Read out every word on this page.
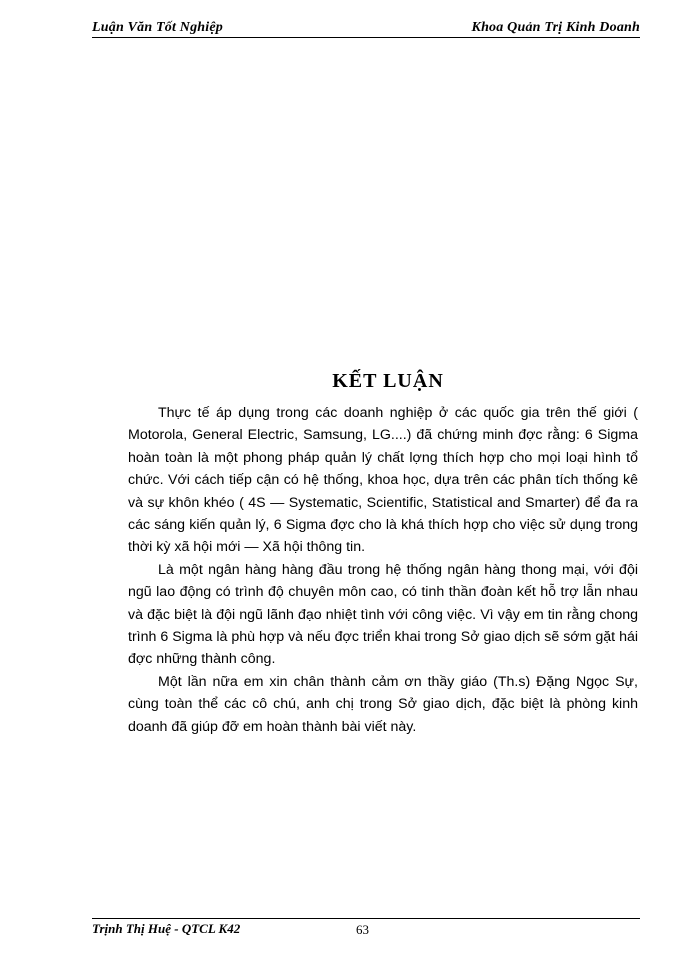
Luận Văn Tốt Nghiệp	Khoa Quản Trị Kinh Doanh
KẾT LUẬN

Thực tế áp dụng trong các doanh nghiệp ở các quốc gia trên thế giới ( Motorola, General Electric, Samsung, LG....) đã chứng minh đợc rằng: 6 Sigma hoàn toàn là một phong pháp quản lý chất lợng thích hợp cho mọi loại hình tổ chức. Với cách tiếp cận có hệ thống, khoa học, dựa trên các phân tích thống kê và sự khôn khéo ( 4S — Systematic, Scientific, Statistical and Smarter) để đa ra các sáng kiến quản lý, 6 Sigma đợc cho là khá thích hợp cho việc sử dụng trong thời kỳ xã hội mới — Xã hội thông tin.

Là một ngân hàng hàng đầu trong hệ thống ngân hàng thong mại, với đội ngũ lao động có trình độ chuyên môn cao, có tinh thần đoàn kết hỗ trợ lẫn nhau và đặc biệt là đội ngũ lãnh đạo nhiệt tình với công việc. Vì vậy em tin rằng chong trình 6 Sigma là phù hợp và nếu đợc triển khai trong Sở giao dịch sẽ sớm gặt hái đợc những thành công.

Một lần nữa em xin chân thành cảm ơn thầy giáo (Th.s) Đặng Ngọc Sự, cùng toàn thể các cô chú, anh chị trong Sở giao dịch, đặc biệt là phòng kinh doanh đã giúp đỡ em hoàn thành bài viết này.

Trịnh Thị Huệ - QTCL K42	63
